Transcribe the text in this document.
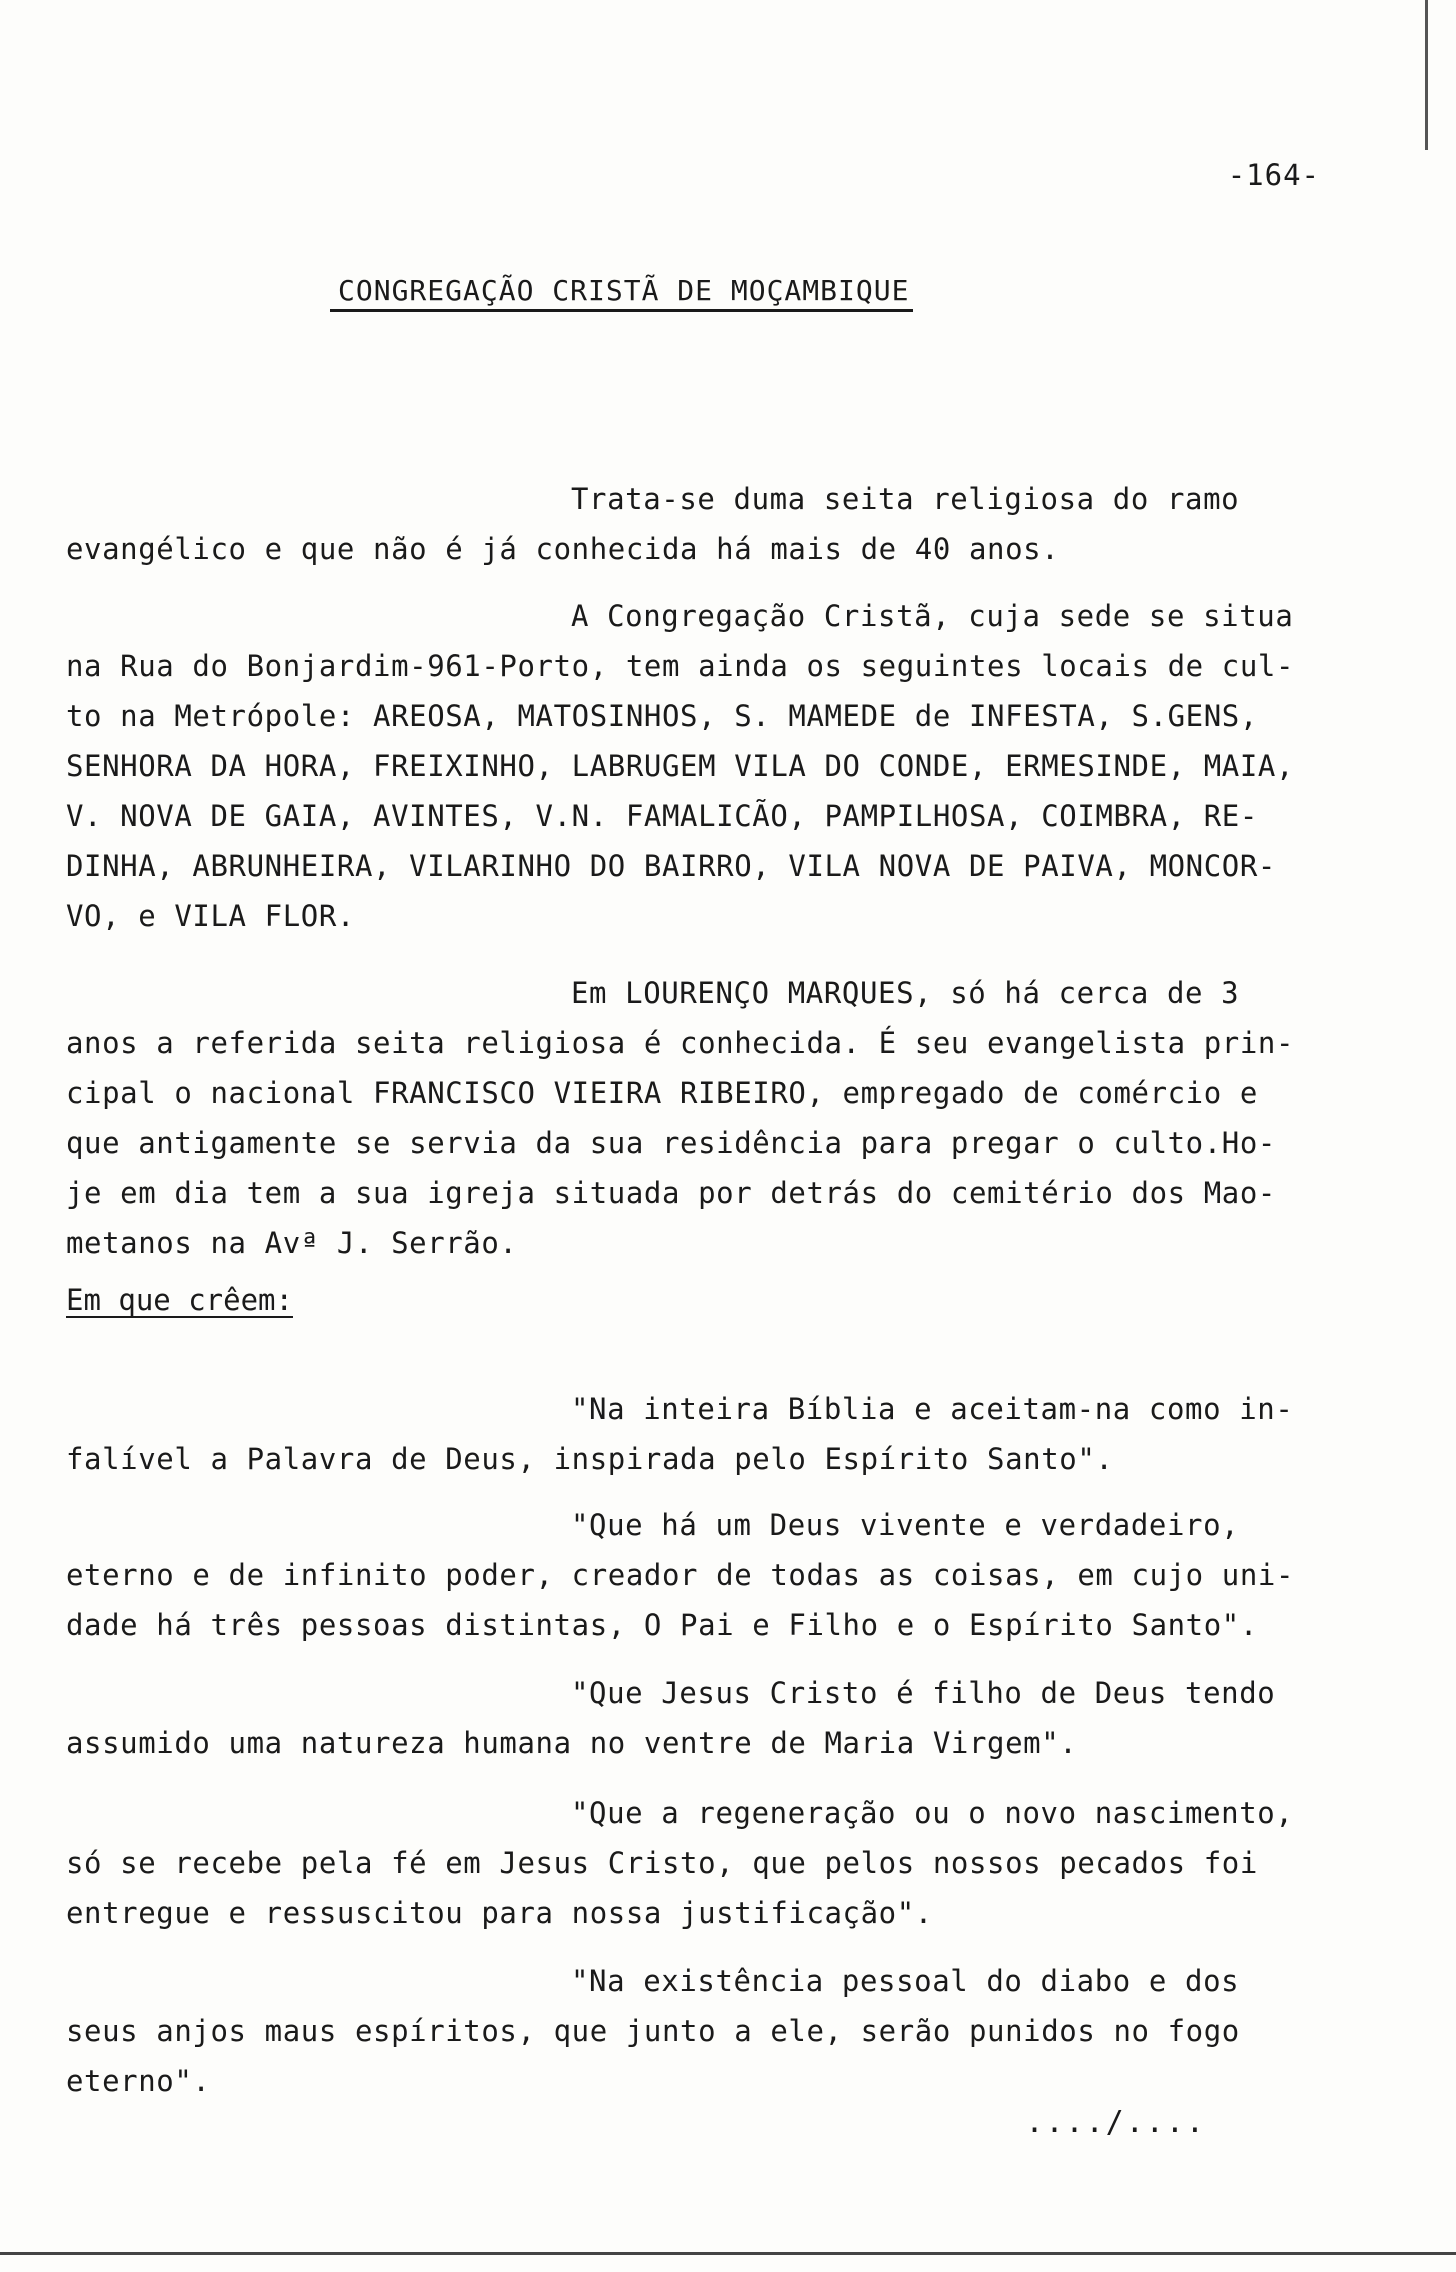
-164-
CONGREGAÇÃO CRISTÃ DE MOÇAMBIQUE

Trata-se duma seita religiosa do ramo

evangélico e que não é já conhecida há mais de 40 anos.

A Congregação Cristã, cuja sede se situa

na Rua do Bonjardim-961-Porto, tem ainda os seguintes locais de cul-

to na Metrópole: AREOSA, MATOSINHOS, S. MAMEDE de INFESTA, S.GENS,

SENHORA DA HORA, FREIXINHO, LABRUGEM VILA DO CONDE, ERMESINDE, MAIA,

V. NOVA DE GAIA, AVINTES, V.N. FAMALICÃO, PAMPILHOSA, COIMBRA, RE-

DINHA, ABRUNHEIRA, VILARINHO DO BAIRRO, VILA NOVA DE PAIVA, MONCOR-

VO, e VILA FLOR.

Em LOURENÇO MARQUES, só há cerca de 3

anos a referida seita religiosa é conhecida. É seu evangelista prin-

cipal o nacional FRANCISCO VIEIRA RIBEIRO, empregado de comércio e

que antigamente se servia da sua residência para pregar o culto.Ho-

je em dia tem a sua igreja situada por detrás do cemitério dos Mao-

metanos na Avª J. Serrão.

Em que crêem:

"Na inteira Bíblia e aceitam-na como in-

falível a Palavra de Deus, inspirada pelo Espírito Santo".

"Que há um Deus vivente e verdadeiro,

eterno e de infinito poder, creador de todas as coisas, em cujo uni-

dade há três pessoas distintas, O Pai e Filho e o Espírito Santo".

"Que Jesus Cristo é filho de Deus tendo

assumido uma natureza humana no ventre de Maria Virgem".

"Que a regeneração ou o novo nascimento,

só se recebe pela fé em Jesus Cristo, que pelos nossos pecados foi

entregue e ressuscitou para nossa justificação".

"Na existência pessoal do diabo e dos

seus anjos maus espíritos, que junto a ele, serão punidos no fogo

eterno".

..../....
